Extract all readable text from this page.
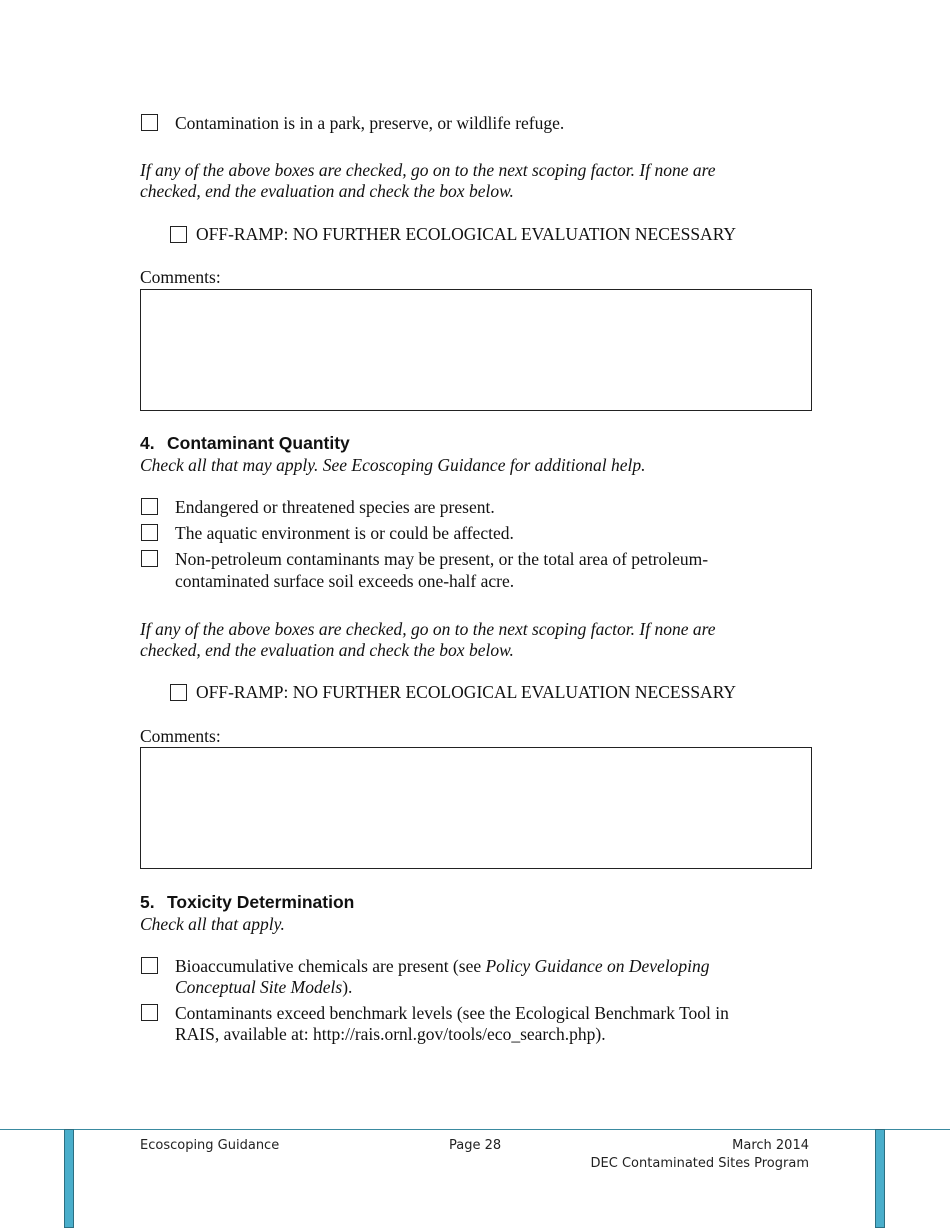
Contamination is in a park, preserve, or wildlife refuge.
If any of the above boxes are checked, go on to the next scoping factor. If none are
checked, end the evaluation and check the box below.
OFF-RAMP: NO FURTHER ECOLOGICAL EVALUATION NECESSARY
Comments:
4. Contaminant Quantity
Check all that may apply. See Ecoscoping Guidance for additional help.
Endangered or threatened species are present.
The aquatic environment is or could be affected.
Non-petroleum contaminants may be present, or the total area of petroleum-
contaminated surface soil exceeds one-half acre.
If any of the above boxes are checked, go on to the next scoping factor. If none are
checked, end the evaluation and check the box below.
OFF-RAMP: NO FURTHER ECOLOGICAL EVALUATION NECESSARY
Comments:
5. Toxicity Determination
Check all that apply.
Bioaccumulative chemicals are present (see Policy Guidance on Developing
Conceptual Site Models).
Contaminants exceed benchmark levels (see the Ecological Benchmark Tool in
RAIS, available at: http://rais.ornl.gov/tools/eco_search.php).
Ecoscoping Guidance	Page 28	March 2014
DEC Contaminated Sites Program
